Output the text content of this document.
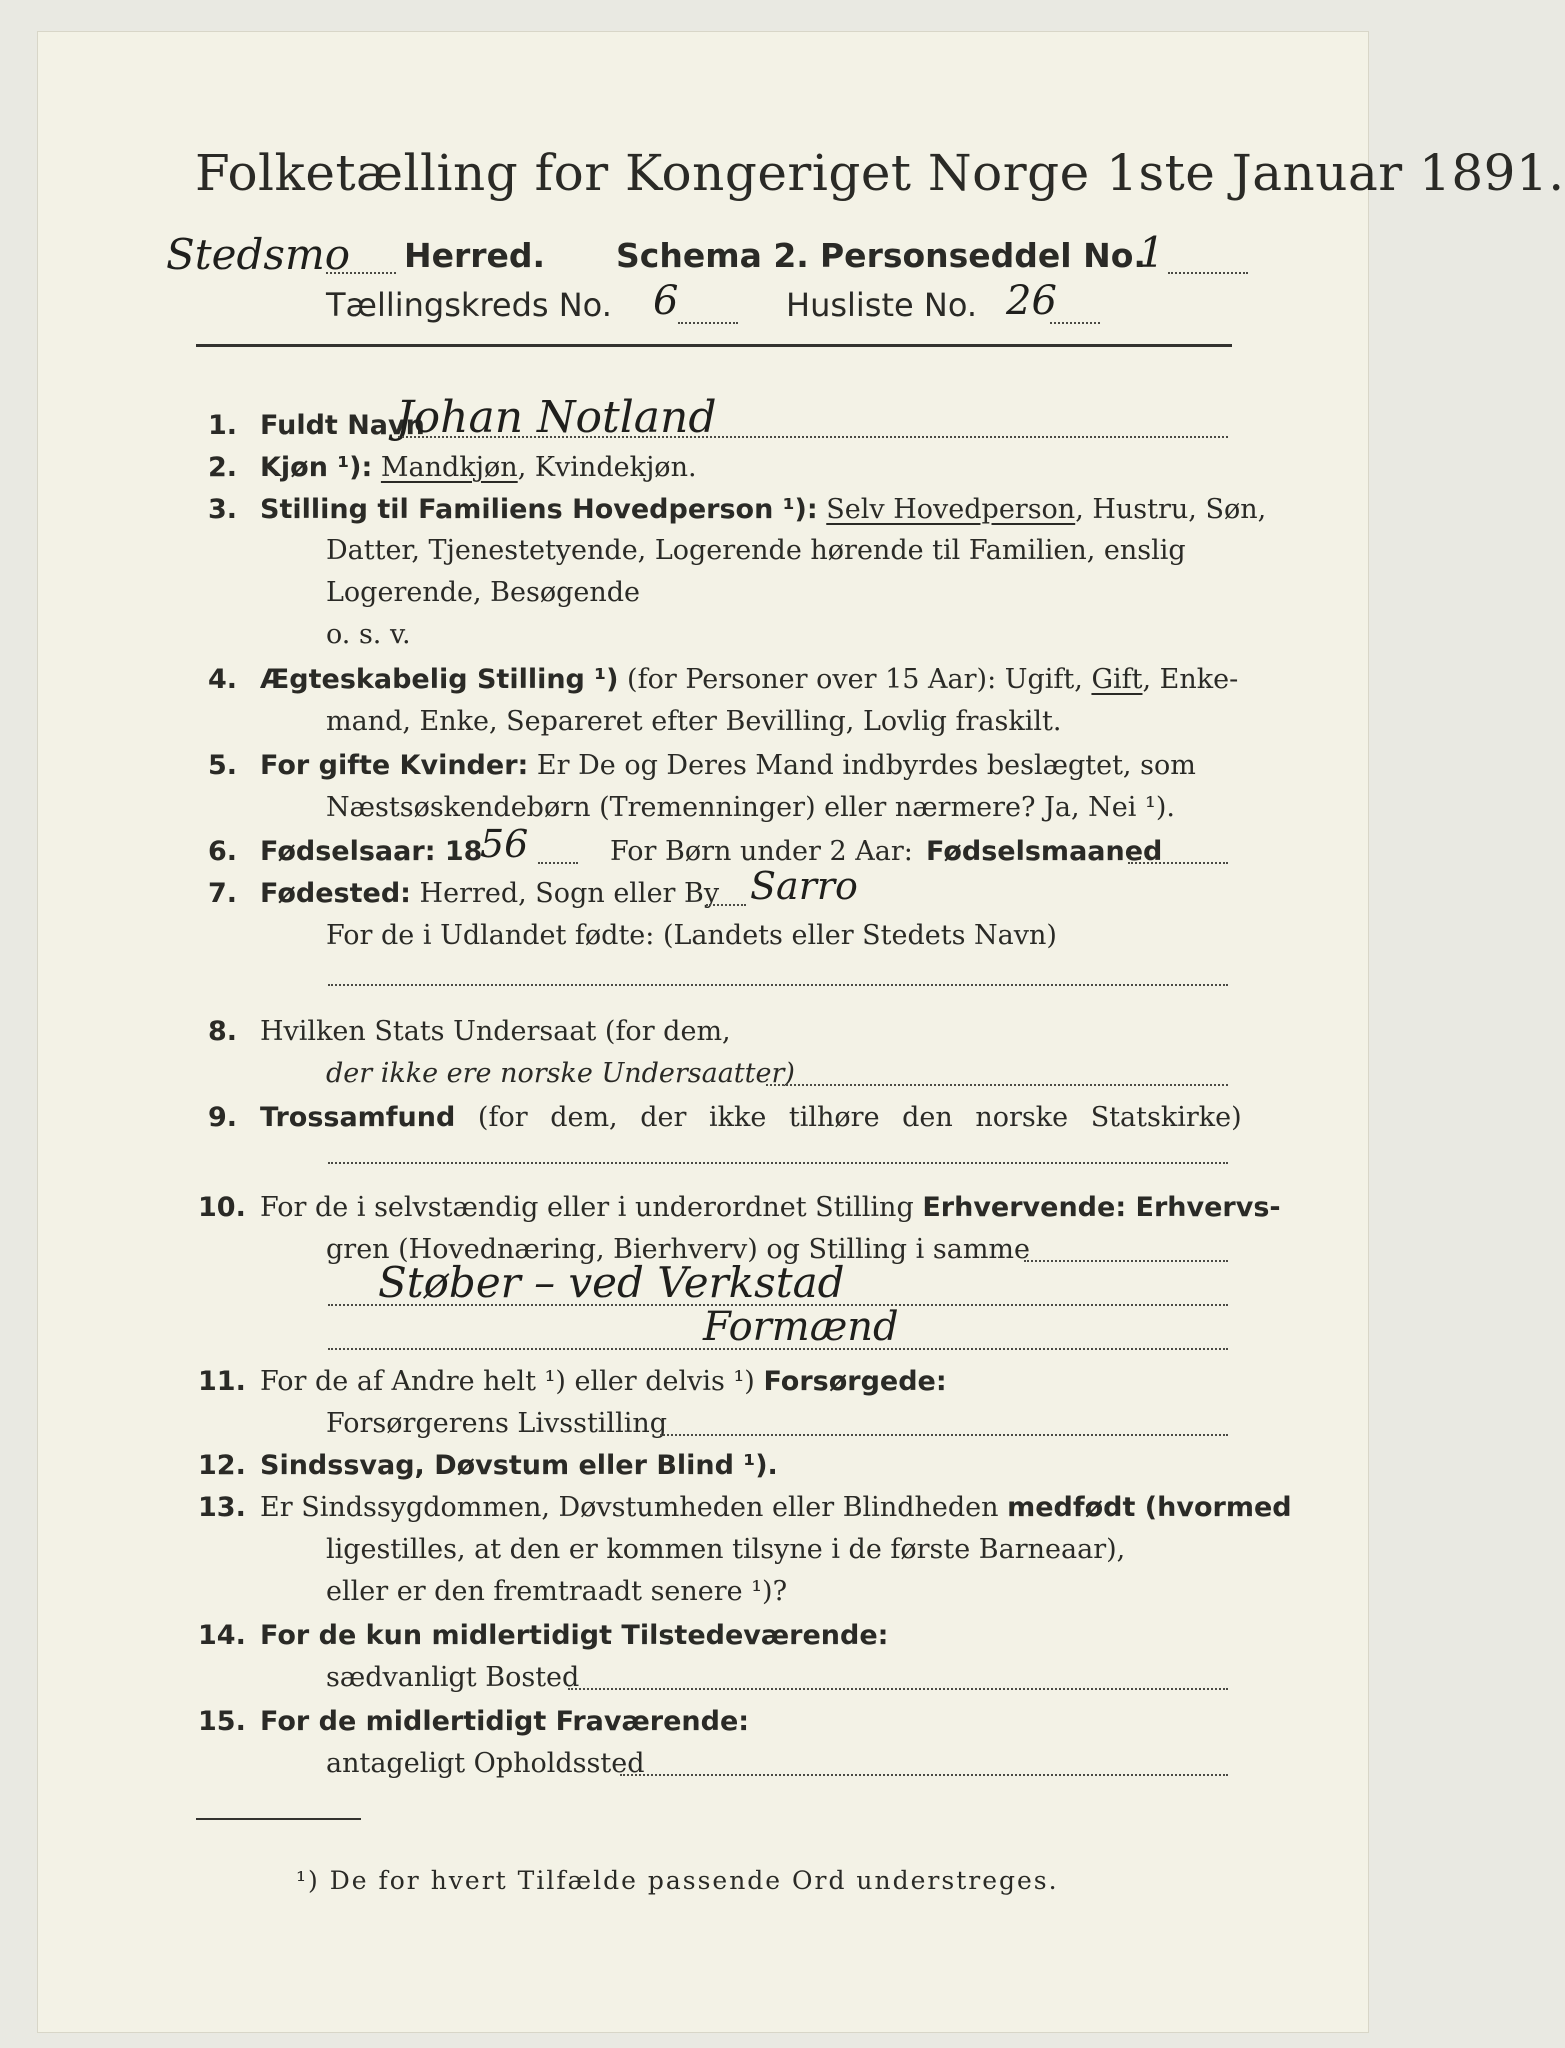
Folketælling for Kongeriget Norge 1ste Januar 1891.
Stedsmo Herred. Schema 2. Personseddel No.
1
Tællingskreds No. 6	Husliste No. 26
1. Fuldt Navn
Johan Notland
2. Kjøn ¹): Mandkjøn, Kvindekjøn.
3. Stilling til Familiens Hovedperson ¹): Selv Hovedperson, Hustru, Søn,
Datter, Tjenestetyende, Logerende hørende til Familien, enslig
Logerende, Besøgende
o. s. v.
4. Ægteskabelig Stilling ¹) (for Personer over 15 Aar): Ugift, Gift, Enke-
mand, Enke, Separeret efter Bevilling, Lovlig fraskilt.
5. For gifte Kvinder: Er De og Deres Mand indbyrdes beslægtet, som
Næstsøskendebørn (Tremenninger) eller nærmere? Ja, Nei ¹).
6. Fødselsaar: 18
56	For Børn under 2 Aar: Fødselsmaaned
7. Fødested: Herred, Sogn eller By Sarro
For de i Udlandet fødte: (Landets eller Stedets Navn)
8. Hvilken Stats Undersaat (for dem,
der ikke ere norske Undersaatter)
9. Trossamfund (for dem, der ikke tilhøre den norske Statskirke)
10. For de i selvstændig eller i underordnet Stilling Erhvervende: Erhvervs-
gren (Hovednæring, Bierhverv) og Stilling i samme
Støber – ved Verkstad
Formænd
11. For de af Andre helt ¹) eller delvis ¹) Forsørgede:
Forsørgerens Livsstilling
12. Sindssvag, Døvstum eller Blind ¹).
13. Er Sindssygdommen, Døvstumheden eller Blindheden medfødt (hvormed
ligestilles, at den er kommen tilsyne i de første Barneaar),
eller er den fremtraadt senere ¹)?
14. For de kun midlertidigt Tilstedeværende:
sædvanligt Bosted
15. For de midlertidigt Fraværende:
antageligt Opholdssted
¹) De for hvert Tilfælde passende Ord understreges.
